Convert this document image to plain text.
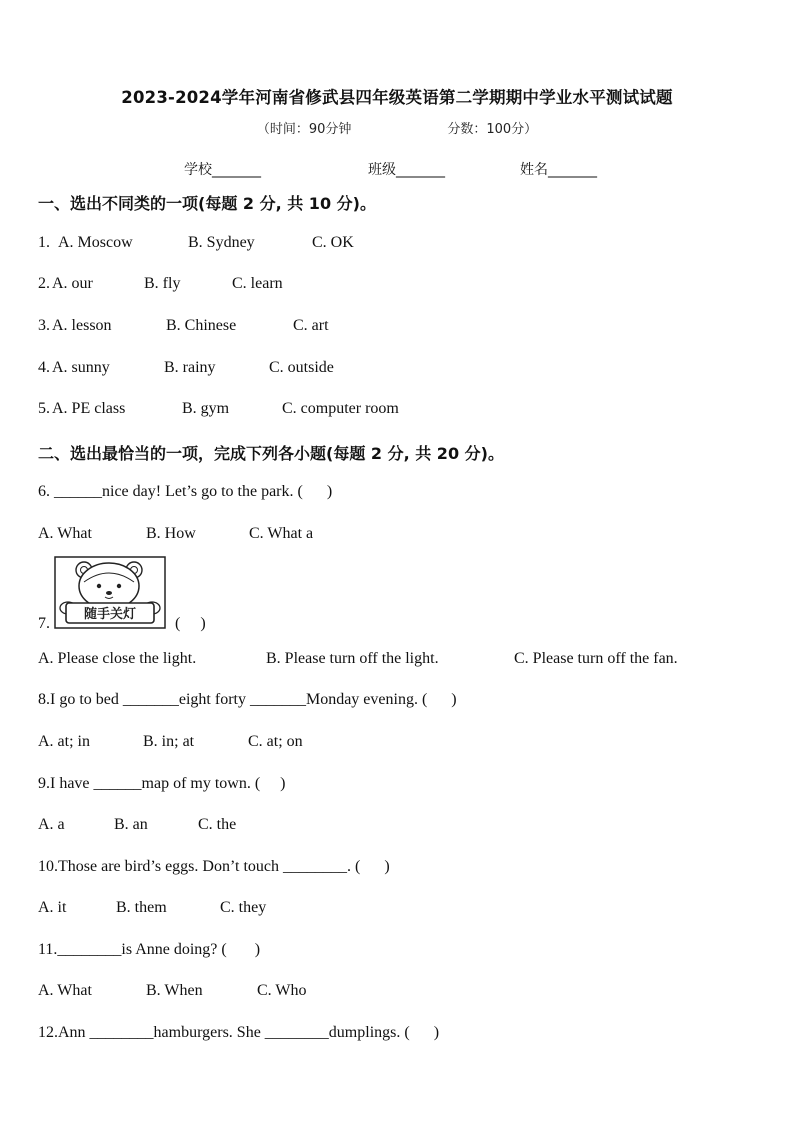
2023-2024学年河南省修武县四年级英语第二学期期中学业水平测试试题
（时间：90分钟	分数：100分）
学校_______	班级_______	姓名_______
一、选出不同类的一项(每题 2 分, 共 10 分)。
1. A. Moscow	B. Sydney	C. OK
2. A. our	B. fly	C. learn
3. A. lesson	B. Chinese	C. art
4. A. sunny	B. rainy	C. outside
5. A. PE class	B. gym	C. computer room
二、选出最恰当的一项，完成下列各小题(每题 2 分, 共 20 分)。
6. ______nice day! Let’s go to the park. (      )
A. What	B. How	C. What a
随手关灯
7.	(     )
A. Please close the light.	B. Please turn off the light.	C. Please turn off the fan.
8.I go to bed _______eight forty _______Monday evening. (      )
A. at; in	B. in; at	C. at; on
9.I have ______map of my town. (     )
A. a	B. an	C. the
10.Those are bird’s eggs. Don’t touch ________. (      )
A. it	B. them	C. they
11.________is Anne doing? (       )
A. What	B. When	C. Who
12.Ann ________hamburgers. She ________dumplings. (      )
